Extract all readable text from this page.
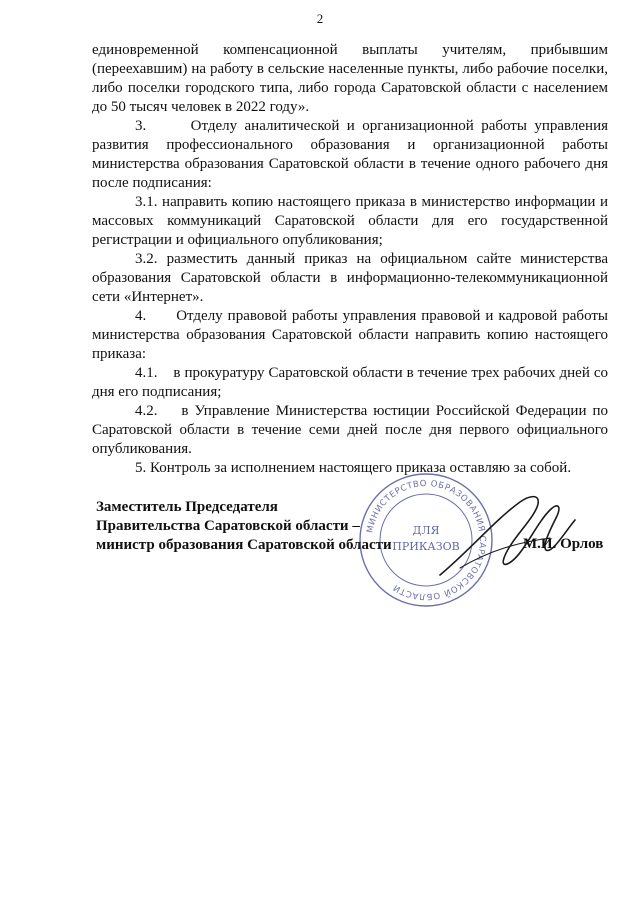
2

единовременной компенсационной выплаты учителям, прибывшим (переехавшим) на работу в сельские населенные пункты, либо рабочие поселки, либо поселки городского типа, либо города Саратовской области с населением до 50 тысяч человек в 2022 году».

3.      Отделу аналитической и организационной работы управления развития профессионального образования и организационной работы министерства образования Саратовской области в течение одного рабочего дня после подписания:

3.1. направить копию настоящего приказа в министерство информации и массовых коммуникаций Саратовской области для его государственной регистрации и официального опубликования;

3.2. разместить данный приказ на официальном сайте министерства образования Саратовской области в информационно-телекоммуникационной сети «Интернет».

4.      Отделу правовой работы управления правовой и кадровой работы министерства образования Саратовской области направить копию настоящего приказа:

4.1.    в прокуратуру Саратовской области в течение трех рабочих дней со дня его подписания;

4.2.    в Управление Министерства юстиции Российской Федерации по Саратовской области в течение семи дней после дня первого официального опубликования.

5. Контроль за исполнением настоящего приказа оставляю за собой.

Заместитель Председателя
Правительства Саратовской области –
министр образования Саратовской области
МИНИСТЕРСТВО ОБРАЗОВАНИЯ САРАТОВСКОЙ ОБЛАСТИ
ДЛЯ
ПРИКАЗОВ	М.И. Орлов
